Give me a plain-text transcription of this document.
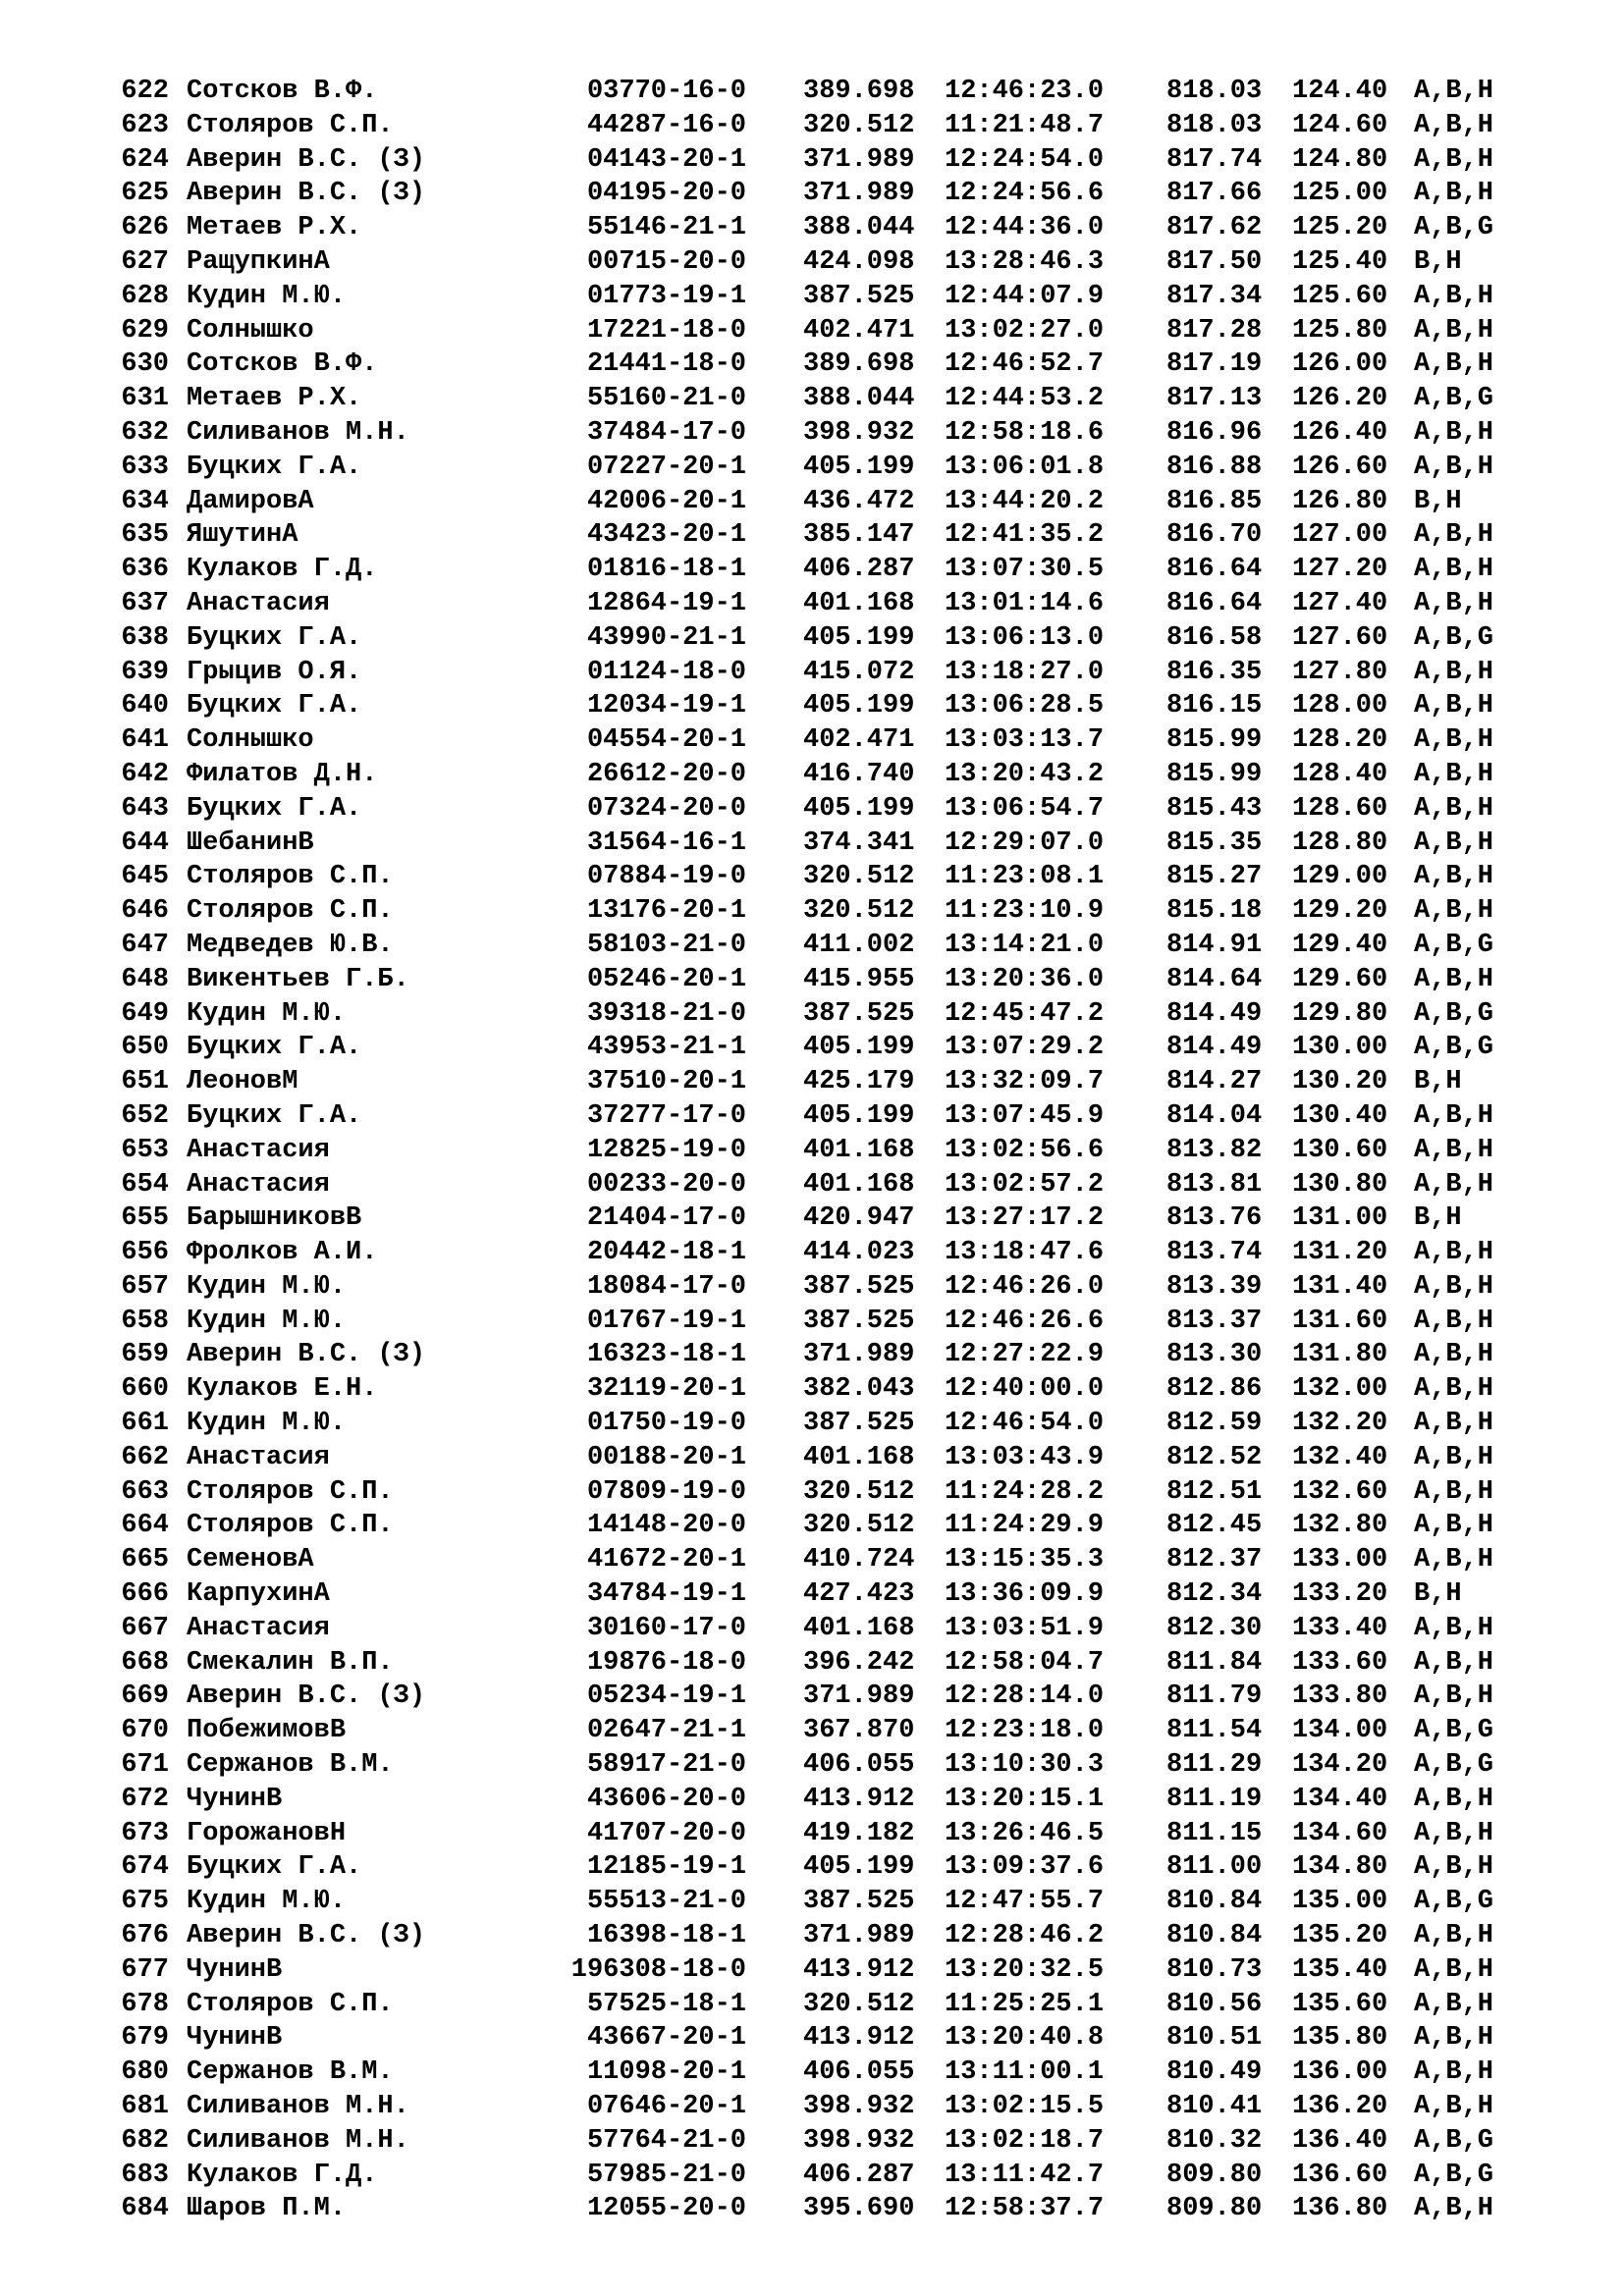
622 Сотсков В.Ф.	03770-16-0 389.698 12:46:23.0 818.03 124.40 A,B,H
623 Столяров С.П.	44287-16-0 320.512 11:21:48.7 818.03 124.60 A,B,H
624 Аверин В.С. (З)	04143-20-1 371.989 12:24:54.0 817.74 124.80 A,B,H
625 Аверин В.С. (З)	04195-20-0 371.989 12:24:56.6 817.66 125.00 A,B,H
626 Метаев Р.Х.	55146-21-1 388.044 12:44:36.0 817.62 125.20 A,B,G
627 РащупкинА	00715-20-0 424.098 13:28:46.3 817.50 125.40 B,H
628 Кудин М.Ю.	01773-19-1 387.525 12:44:07.9 817.34 125.60 A,B,H
629 Солнышко	17221-18-0 402.471 13:02:27.0 817.28 125.80 A,B,H
630 Сотсков В.Ф.	21441-18-0 389.698 12:46:52.7 817.19 126.00 A,B,H
631 Метаев Р.Х.	55160-21-0 388.044 12:44:53.2 817.13 126.20 A,B,G
632 Силиванов М.Н.	37484-17-0 398.932 12:58:18.6 816.96 126.40 A,B,H
633 Буцких Г.А.	07227-20-1 405.199 13:06:01.8 816.88 126.60 A,B,H
634 ДамировА	42006-20-1 436.472 13:44:20.2 816.85 126.80 B,H
635 ЯшутинА	43423-20-1 385.147 12:41:35.2 816.70 127.00 A,B,H
636 Кулаков Г.Д.	01816-18-1 406.287 13:07:30.5 816.64 127.20 A,B,H
637 Анастасия	12864-19-1 401.168 13:01:14.6 816.64 127.40 A,B,H
638 Буцких Г.А.	43990-21-1 405.199 13:06:13.0 816.58 127.60 A,B,G
639 Грыцив О.Я.	01124-18-0 415.072 13:18:27.0 816.35 127.80 A,B,H
640 Буцких Г.А.	12034-19-1 405.199 13:06:28.5 816.15 128.00 A,B,H
641 Солнышко	04554-20-1 402.471 13:03:13.7 815.99 128.20 A,B,H
642 Филатов Д.Н.	26612-20-0 416.740 13:20:43.2 815.99 128.40 A,B,H
643 Буцких Г.А.	07324-20-0 405.199 13:06:54.7 815.43 128.60 A,B,H
644 ШебанинВ	31564-16-1 374.341 12:29:07.0 815.35 128.80 A,B,H
645 Столяров С.П.	07884-19-0 320.512 11:23:08.1 815.27 129.00 A,B,H
646 Столяров С.П.	13176-20-1 320.512 11:23:10.9 815.18 129.20 A,B,H
647 Медведев Ю.В.	58103-21-0 411.002 13:14:21.0 814.91 129.40 A,B,G
648 Викентьев Г.Б.	05246-20-1 415.955 13:20:36.0 814.64 129.60 A,B,H
649 Кудин М.Ю.	39318-21-0 387.525 12:45:47.2 814.49 129.80 A,B,G
650 Буцких Г.А.	43953-21-1 405.199 13:07:29.2 814.49 130.00 A,B,G
651 ЛеоновМ	37510-20-1 425.179 13:32:09.7 814.27 130.20 B,H
652 Буцких Г.А.	37277-17-0 405.199 13:07:45.9 814.04 130.40 A,B,H
653 Анастасия	12825-19-0 401.168 13:02:56.6 813.82 130.60 A,B,H
654 Анастасия	00233-20-0 401.168 13:02:57.2 813.81 130.80 A,B,H
655 БарышниковВ	21404-17-0 420.947 13:27:17.2 813.76 131.00 B,H
656 Фролков А.И.	20442-18-1 414.023 13:18:47.6 813.74 131.20 A,B,H
657 Кудин М.Ю.	18084-17-0 387.525 12:46:26.0 813.39 131.40 A,B,H
658 Кудин М.Ю.	01767-19-1 387.525 12:46:26.6 813.37 131.60 A,B,H
659 Аверин В.С. (З)	16323-18-1 371.989 12:27:22.9 813.30 131.80 A,B,H
660 Кулаков Е.Н.	32119-20-1 382.043 12:40:00.0 812.86 132.00 A,B,H
661 Кудин М.Ю.	01750-19-0 387.525 12:46:54.0 812.59 132.20 A,B,H
662 Анастасия	00188-20-1 401.168 13:03:43.9 812.52 132.40 A,B,H
663 Столяров С.П.	07809-19-0 320.512 11:24:28.2 812.51 132.60 A,B,H
664 Столяров С.П.	14148-20-0 320.512 11:24:29.9 812.45 132.80 A,B,H
665 СеменовА	41672-20-1 410.724 13:15:35.3 812.37 133.00 A,B,H
666 КарпухинА	34784-19-1 427.423 13:36:09.9 812.34 133.20 B,H
667 Анастасия	30160-17-0 401.168 13:03:51.9 812.30 133.40 A,B,H
668 Смекалин В.П.	19876-18-0 396.242 12:58:04.7 811.84 133.60 A,B,H
669 Аверин В.С. (З)	05234-19-1 371.989 12:28:14.0 811.79 133.80 A,B,H
670 ПобежимовВ	02647-21-1 367.870 12:23:18.0 811.54 134.00 A,B,G
671 Сержанов В.М.	58917-21-0 406.055 13:10:30.3 811.29 134.20 A,B,G
672 ЧунинВ	43606-20-0 413.912 13:20:15.1 811.19 134.40 A,B,H
673 ГорожановН	41707-20-0 419.182 13:26:46.5 811.15 134.60 A,B,H
674 Буцких Г.А.	12185-19-1 405.199 13:09:37.6 811.00 134.80 A,B,H
675 Кудин М.Ю.	55513-21-0 387.525 12:47:55.7 810.84 135.00 A,B,G
676 Аверин В.С. (З)	16398-18-1 371.989 12:28:46.2 810.84 135.20 A,B,H
677 ЧунинВ	196308-18-0 413.912 13:20:32.5 810.73 135.40 A,B,H
678 Столяров С.П.	57525-18-1 320.512 11:25:25.1 810.56 135.60 A,B,H
679 ЧунинВ	43667-20-1 413.912 13:20:40.8 810.51 135.80 A,B,H
680 Сержанов В.М.	11098-20-1 406.055 13:11:00.1 810.49 136.00 A,B,H
681 Силиванов М.Н.	07646-20-1 398.932 13:02:15.5 810.41 136.20 A,B,H
682 Силиванов М.Н.	57764-21-0 398.932 13:02:18.7 810.32 136.40 A,B,G
683 Кулаков Г.Д.	57985-21-0 406.287 13:11:42.7 809.80 136.60 A,B,G
684 Шаров П.М.	12055-20-0 395.690 12:58:37.7 809.80 136.80 A,B,H
